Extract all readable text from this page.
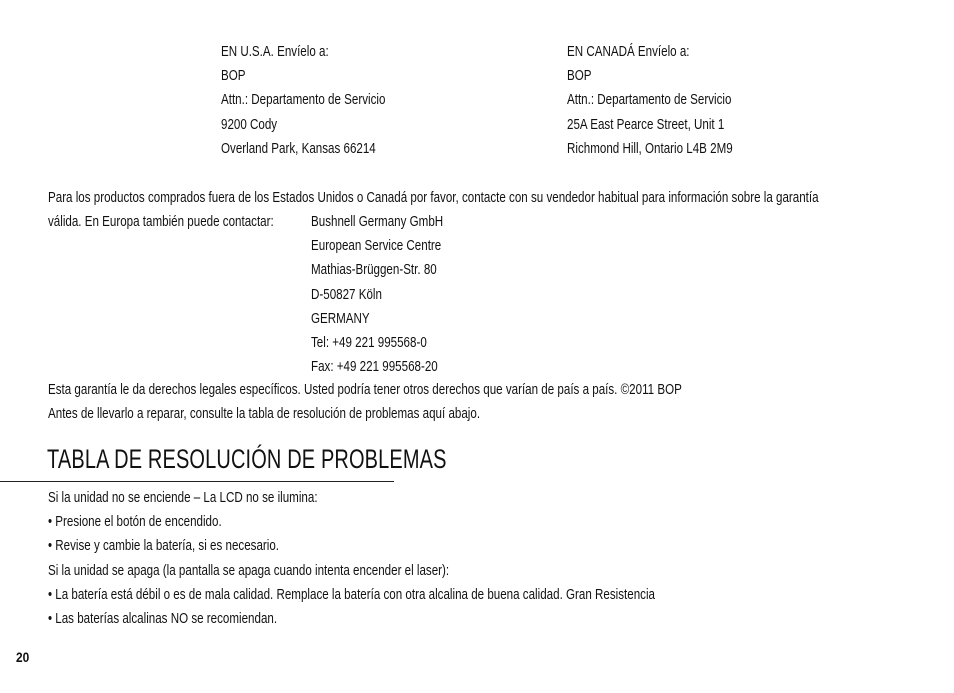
EN U.S.A. Envíelo a:
BOP
Attn.: Departamento de Servicio
9200 Cody
Overland Park, Kansas 66214
EN CANADÁ Envíelo a:
BOP
Attn.: Departamento de Servicio
25A East Pearce Street, Unit 1
Richmond Hill, Ontario L4B 2M9
Para los productos comprados fuera de los Estados Unidos o Canadá por favor, contacte con su vendedor habitual para información sobre la garantía
válida. En Europa también puede contactar:	Bushnell Germany GmbH
European Service Centre
Mathias-Brüggen-Str. 80
D-50827 Köln
GERMANY
Tel: +49 221 995568-0
Fax: +49 221 995568-20
Esta garantía le da derechos legales específicos. Usted podría tener otros derechos que varían de país a país. ©2011 BOP
Antes de llevarlo a reparar, consulte la tabla de resolución de problemas aquí abajo.
TABLA DE RESOLUCIÓN DE PROBLEMAS
Si la unidad no se enciende – La LCD no se ilumina:
• Presione el botón de encendido.
• Revise y cambie la batería, si es necesario.
Si la unidad se apaga (la pantalla se apaga cuando intenta encender el laser):
• La batería está débil o es de mala calidad. Remplace la batería con otra alcalina de buena calidad. Gran Resistencia
• Las baterías alcalinas NO se recomiendan.
20
